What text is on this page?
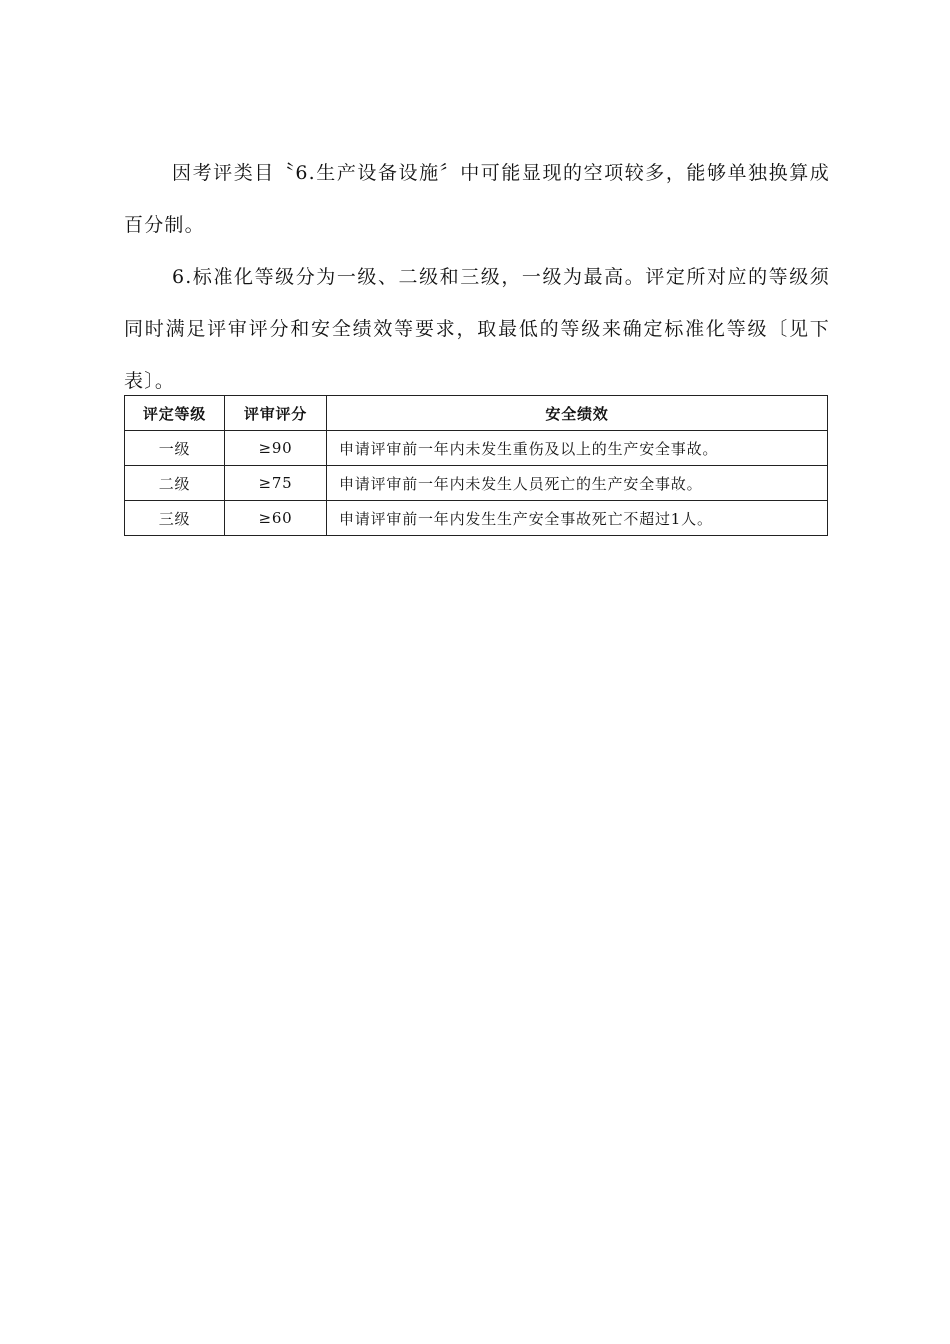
因考评类目〝6.生产设备设施〞中可能显现的空项较多，能够单独换算成百分制。

6.标准化等级分为一级、二级和三级，一级为最高。评定所对应的等级须同时满足评审评分和安全绩效等要求，取最低的等级来确定标准化等级〔见下表〕。

评定等级	评审评分	安全绩效
一级	≥90	申请评审前一年内未发生重伤及以上的生产安全事故。
二级	≥75	申请评审前一年内未发生人员死亡的生产安全事故。
三级	≥60	申请评审前一年内发生生产安全事故死亡不超过1人。
